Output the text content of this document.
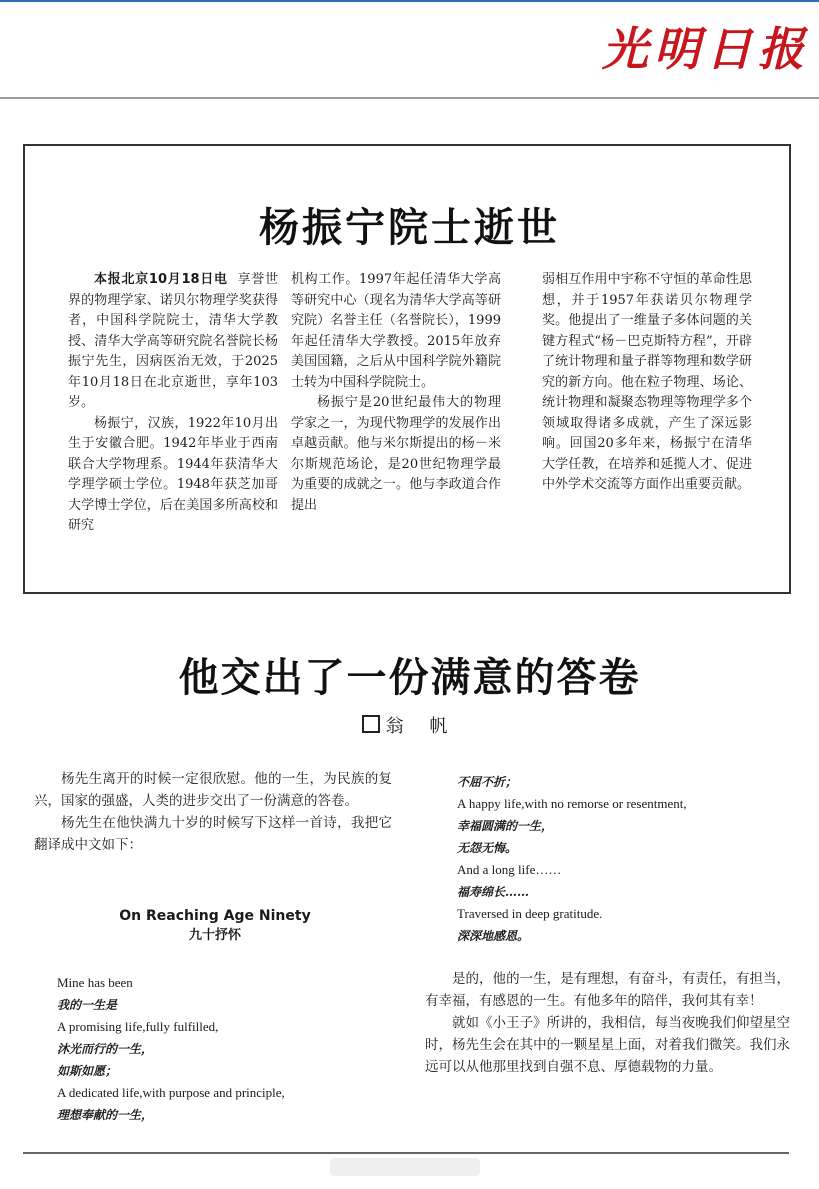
光明日报
杨振宁院士逝世

本报北京10月18日电 享誉世界的物理学家、诺贝尔物理学奖获得者，中国科学院院士，清华大学教授、清华大学高等研究院名誉院长杨振宁先生，因病医治无效，于2025年10月18日在北京逝世，享年103岁。

杨振宁，汉族，1922年10月出生于安徽合肥。1942年毕业于西南联合大学物理系。1944年获清华大学理学硕士学位。1948年获芝加哥大学博士学位，后在美国多所高校和研究

机构工作。1997年起任清华大学高等研究中心（现名为清华大学高等研究院）名誉主任（名誉院长），1999年起任清华大学教授。2015年放弃美国国籍，之后从中国科学院外籍院士转为中国科学院院士。

杨振宁是20世纪最伟大的物理学家之一，为现代物理学的发展作出卓越贡献。他与米尔斯提出的杨－米尔斯规范场论，是20世纪物理学最为重要的成就之一。他与李政道合作提出

弱相互作用中宇称不守恒的革命性思想，并于1957年获诺贝尔物理学奖。他提出了一维量子多体问题的关键方程式“杨－巴克斯特方程”，开辟了统计物理和量子群等物理和数学研究的新方向。他在粒子物理、场论、统计物理和凝聚态物理等物理学多个领域取得诸多成就，产生了深远影响。回国20多年来，杨振宁在清华大学任教，在培养和延揽人才、促进中外学术交流等方面作出重要贡献。

他交出了一份满意的答卷
翁 帆

杨先生离开的时候一定很欣慰。他的一生，为民族的复兴，国家的强盛，人类的进步交出了一份满意的答卷。

杨先生在他快满九十岁的时候写下这样一首诗，我把它翻译成中文如下：

On Reaching Age Ninety
九十抒怀
Mine has been
我的一生是
A promising life,fully fulfilled,
沐光而行的一生，
如斯如愿；
A dedicated life,with purpose and principle,
理想奉献的一生，
不屈不折；
A happy life,with no remorse or resentment,
幸福圆满的一生，
无怨无悔。
And a long life……
福寿绵长……
Traversed in deep gratitude.
深深地感恩。

是的，他的一生，是有理想，有奋斗，有责任，有担当，有幸福，有感恩的一生。有他多年的陪伴，我何其有幸！

就如《小王子》所讲的，我相信，每当夜晚我们仰望星空时，杨先生会在其中的一颗星星上面，对着我们微笑。我们永远可以从他那里找到自强不息、厚德载物的力量。
